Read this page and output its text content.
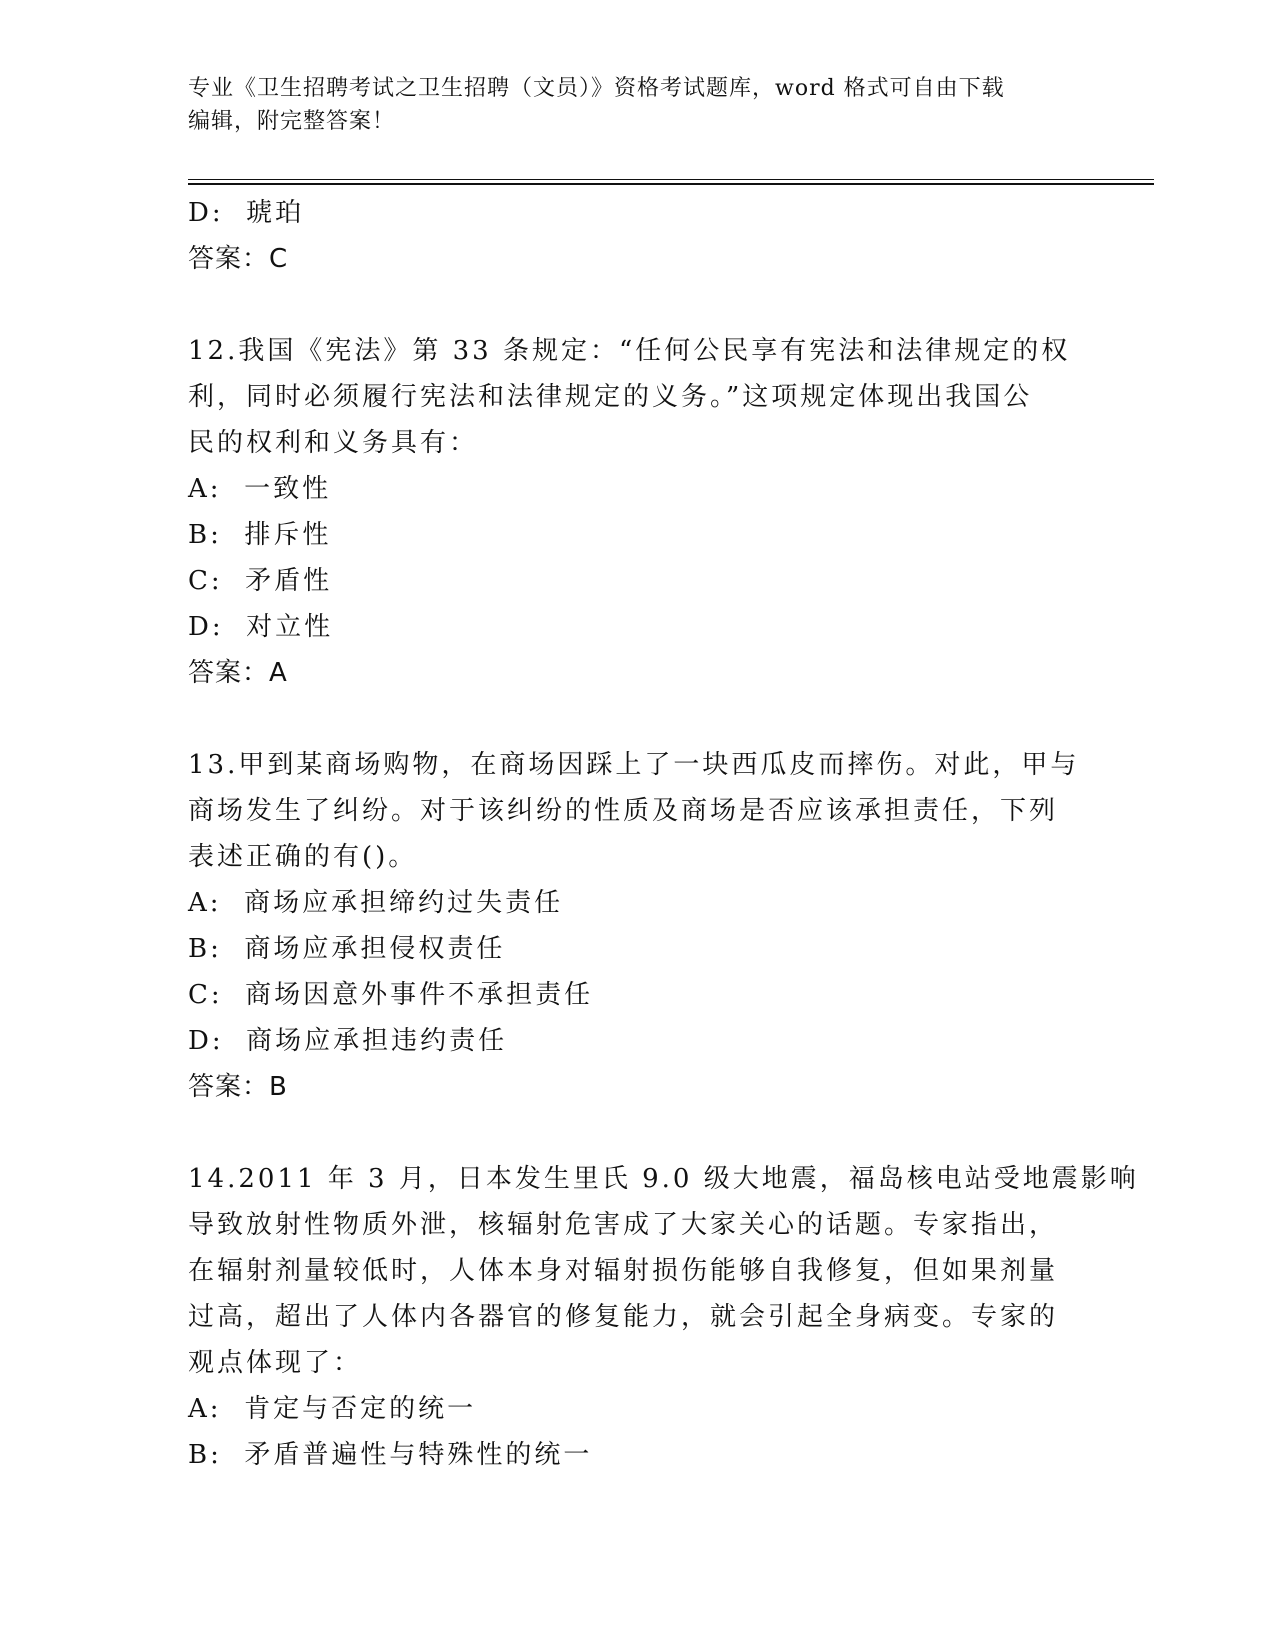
专业《卫生招聘考试之卫生招聘（文员）》资格考试题库，word 格式可自由下载
编辑，附完整答案！
D:  琥珀
答案：C
12.我国《宪法》第 33 条规定：“任何公民享有宪法和法律规定的权
利，同时必须履行宪法和法律规定的义务。”这项规定体现出我国公
民的权利和义务具有：
A:  一致性
B:  排斥性
C:  矛盾性
D:  对立性
答案：A
13.甲到某商场购物，在商场因踩上了一块西瓜皮而摔伤。对此，甲与
商场发生了纠纷。对于该纠纷的性质及商场是否应该承担责任，下列
表述正确的有()。
A:  商场应承担缔约过失责任
B:  商场应承担侵权责任
C:  商场因意外事件不承担责任
D:  商场应承担违约责任
答案：B
14.2011 年 3 月，日本发生里氏 9.0 级大地震，福岛核电站受地震影响
导致放射性物质外泄，核辐射危害成了大家关心的话题。专家指出，
在辐射剂量较低时，人体本身对辐射损伤能够自我修复，但如果剂量
过高，超出了人体内各器官的修复能力，就会引起全身病变。专家的
观点体现了：
A:  肯定与否定的统一
B:  矛盾普遍性与特殊性的统一
